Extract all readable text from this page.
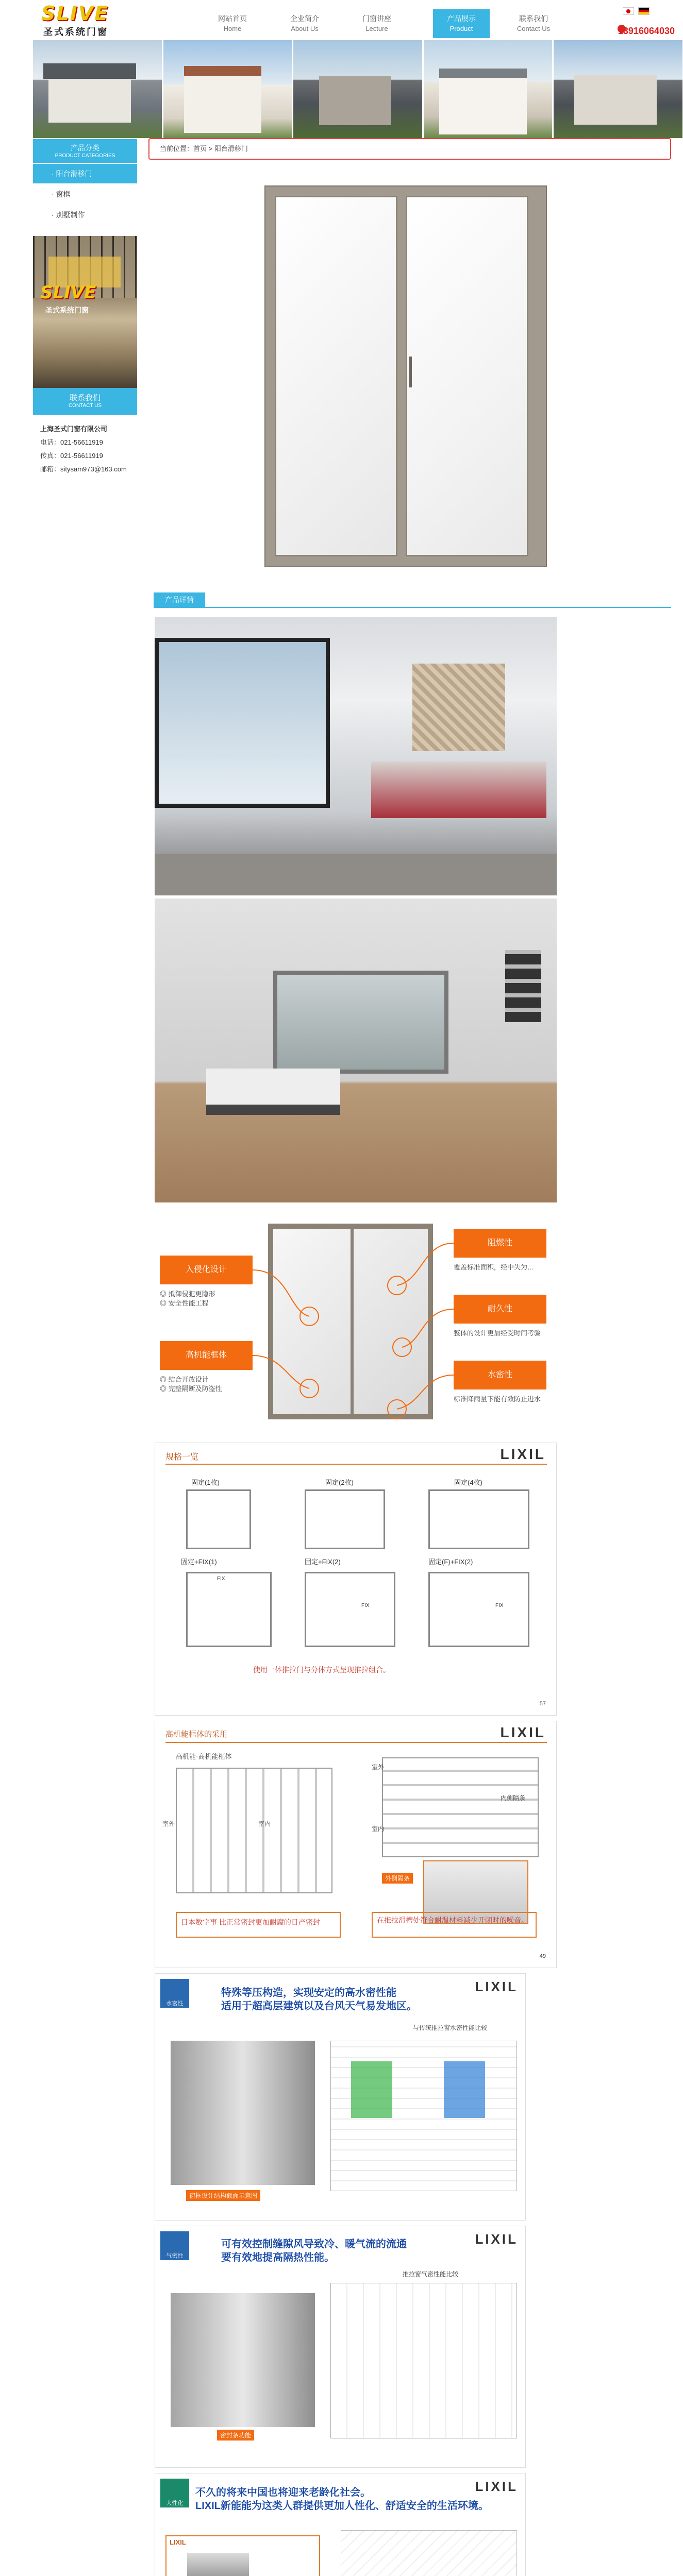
SLIVE
圣式系统门窗
网站首页
Home
企业简介
About Us
门窗讲座
Lecture
产品展示
Product
联系我们
Contact Us	13916064030
产品分类
PRODUCT CATEGORIES
· 阳台滑移门
· 窗框
· 别墅制作
SLIVE
圣式系统门窗
联系我们
CONTACT US
上海圣式门窗有限公司
电话：021-56611919
传真：021-56611919
邮箱：sitysam973@163.com
当前位置：首页 > 阳台滑移门
产品详情
入侵化设计
◎ 抵御侵犯更隐形
◎ 安全性能工程
高机能框体
◎ 结合开放设计
◎ 完整隔断及防盗性
阻燃性
覆盖标准面积，经中失为…
耐久性
整体的设计更加经受时间考验
水密性
标准降雨量下能有效防止进水
规格一览	LIXIL
固定(1枚)	固定(2枚)	固定(4枚)
固定+FIX(1)	固定+FIX(2)	固定(F)+FIX(2)
FIX
FIX	FIX
使用一体推拉门与分体方式呈现推拉组合。
57
高机能框体的采用	LIXIL
高机能·高机能框体
室外	室内
室外
室内
内侧隔条
外侧隔条
日本数字事 比正常密封更加耐腐的日产密封	在推拉滑槽处符合耐温材料减少开闭时的噪音。
49
水密性
特殊等压构造，实现安定的高水密性能
适用于超高层建筑以及台风天气易发地区。
LIXIL
窗框设计结构截面示意图
与传统推拉窗水密性能比较
气密性
可有效控制缝隙风导致冷、暖气流的流通
要有效地提高隔热性能。
LIXIL
密封条功能
推拉窗气密性能比较
人性化
不久的将来中国也将迎来老龄化社会。
LIXIL新能能为这类人群提供更加人性化、舒适安全的生活环境。
LIXIL
LIXIL
